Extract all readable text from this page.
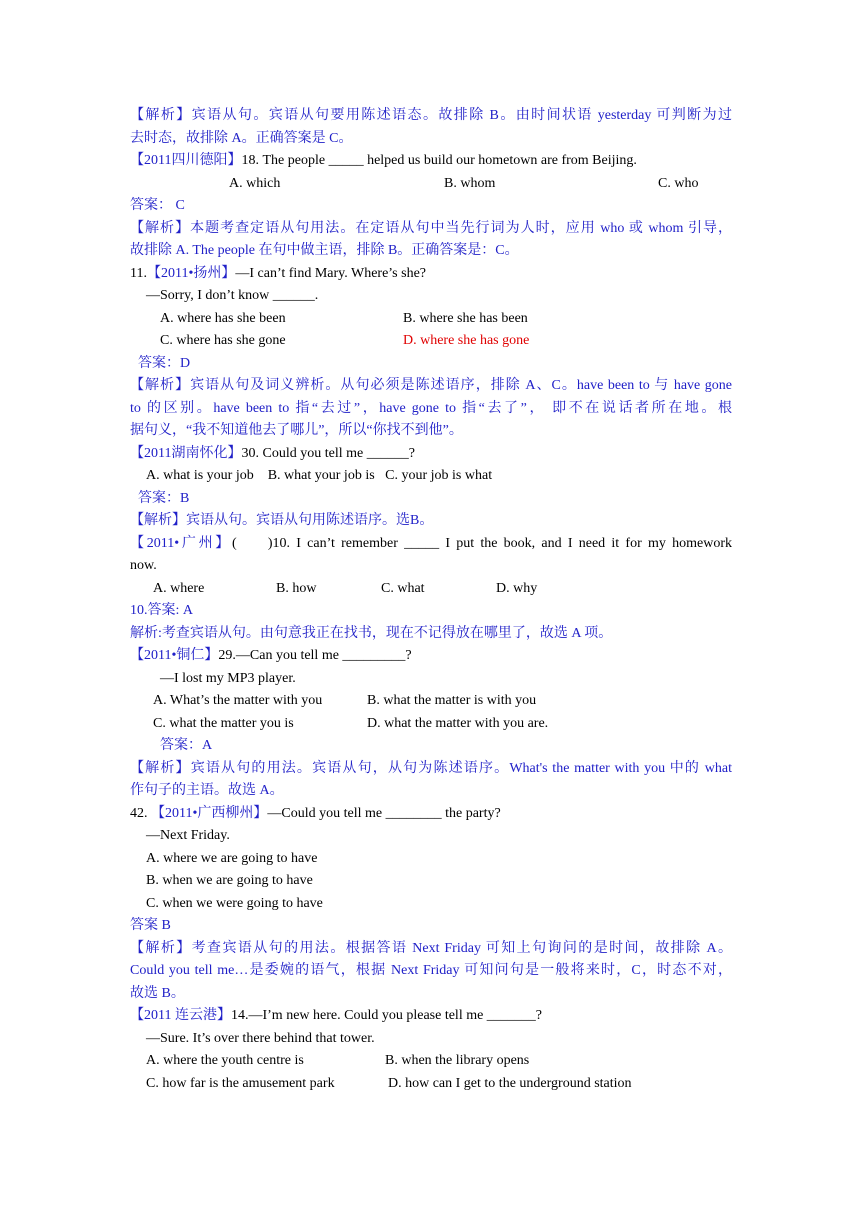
【解析】宾语从句。宾语从句要用陈述语态。故排除 B。由时间状语 yesterday 可判断为过
去时态，故排除 A。正确答案是 C。
【2011四川德阳】18. The people _____ helped us build our hometown are from Beijing.
A. which	B. whom	C. who
答案： C
【解析】本题考查定语从句用法。在定语从句中当先行词为人时，应用 who 或 whom 引导，
故排除 A. The people 在句中做主语，排除 B。正确答案是：C。
11.【2011•扬州】—I can’t find Mary. Where’s she?
—Sorry, I don’t know ______.
A. where has she been	B. where she has been
C. where has she gone	D. where she has gone
答案：D
【解析】宾语从句及词义辨析。从句必须是陈述语序，排除 A、C。have been to 与 have gone
to 的区别。have been to 指“去过”，have gone to 指“去了”， 即不在说话者所在地。根
据句义，“我不知道他去了哪儿”，所以“你找不到他”。
【2011湖南怀化】30. Could you tell me ______?
A. what is your job    B. what your job is   C. your job is what
答案：B
【解析】宾语从句。宾语从句用陈述语序。选B。
【2011•广州】(     )10. I can’t remember _____ I put the book, and I need it for my homework
now.
A. where	B. how	C. what	D. why
10.答案: A
解析:考查宾语从句。由句意我正在找书，现在不记得放在哪里了，故选 A 项。
【2011•铜仁】29.—Can you tell me _________?
—I lost my MP3 player.
A. What’s the matter with you	B. what the matter is with you
C. what the matter you is	D. what the matter with you are.
答案：A
【解析】宾语从句的用法。宾语从句，从句为陈述语序。What's the matter with you 中的 what
作句子的主语。故选 A。
42. 【2011•广西柳州】—Could you tell me ________ the party?
—Next Friday.
A. where we are going to have
B. when we are going to have
C. when we were going to have
答案 B
【解析】考查宾语从句的用法。根据答语 Next Friday 可知上句询问的是时间，故排除 A。
Could you tell me…是委婉的语气，根据 Next Friday 可知问句是一般将来时，C，时态不对，
故选 B。
【2011 连云港】14.—I’m new here. Could you please tell me _______?
—Sure. It’s over there behind that tower.
A. where the youth centre is	B. when the library opens
C. how far is the amusement park	D. how can I get to the underground station
